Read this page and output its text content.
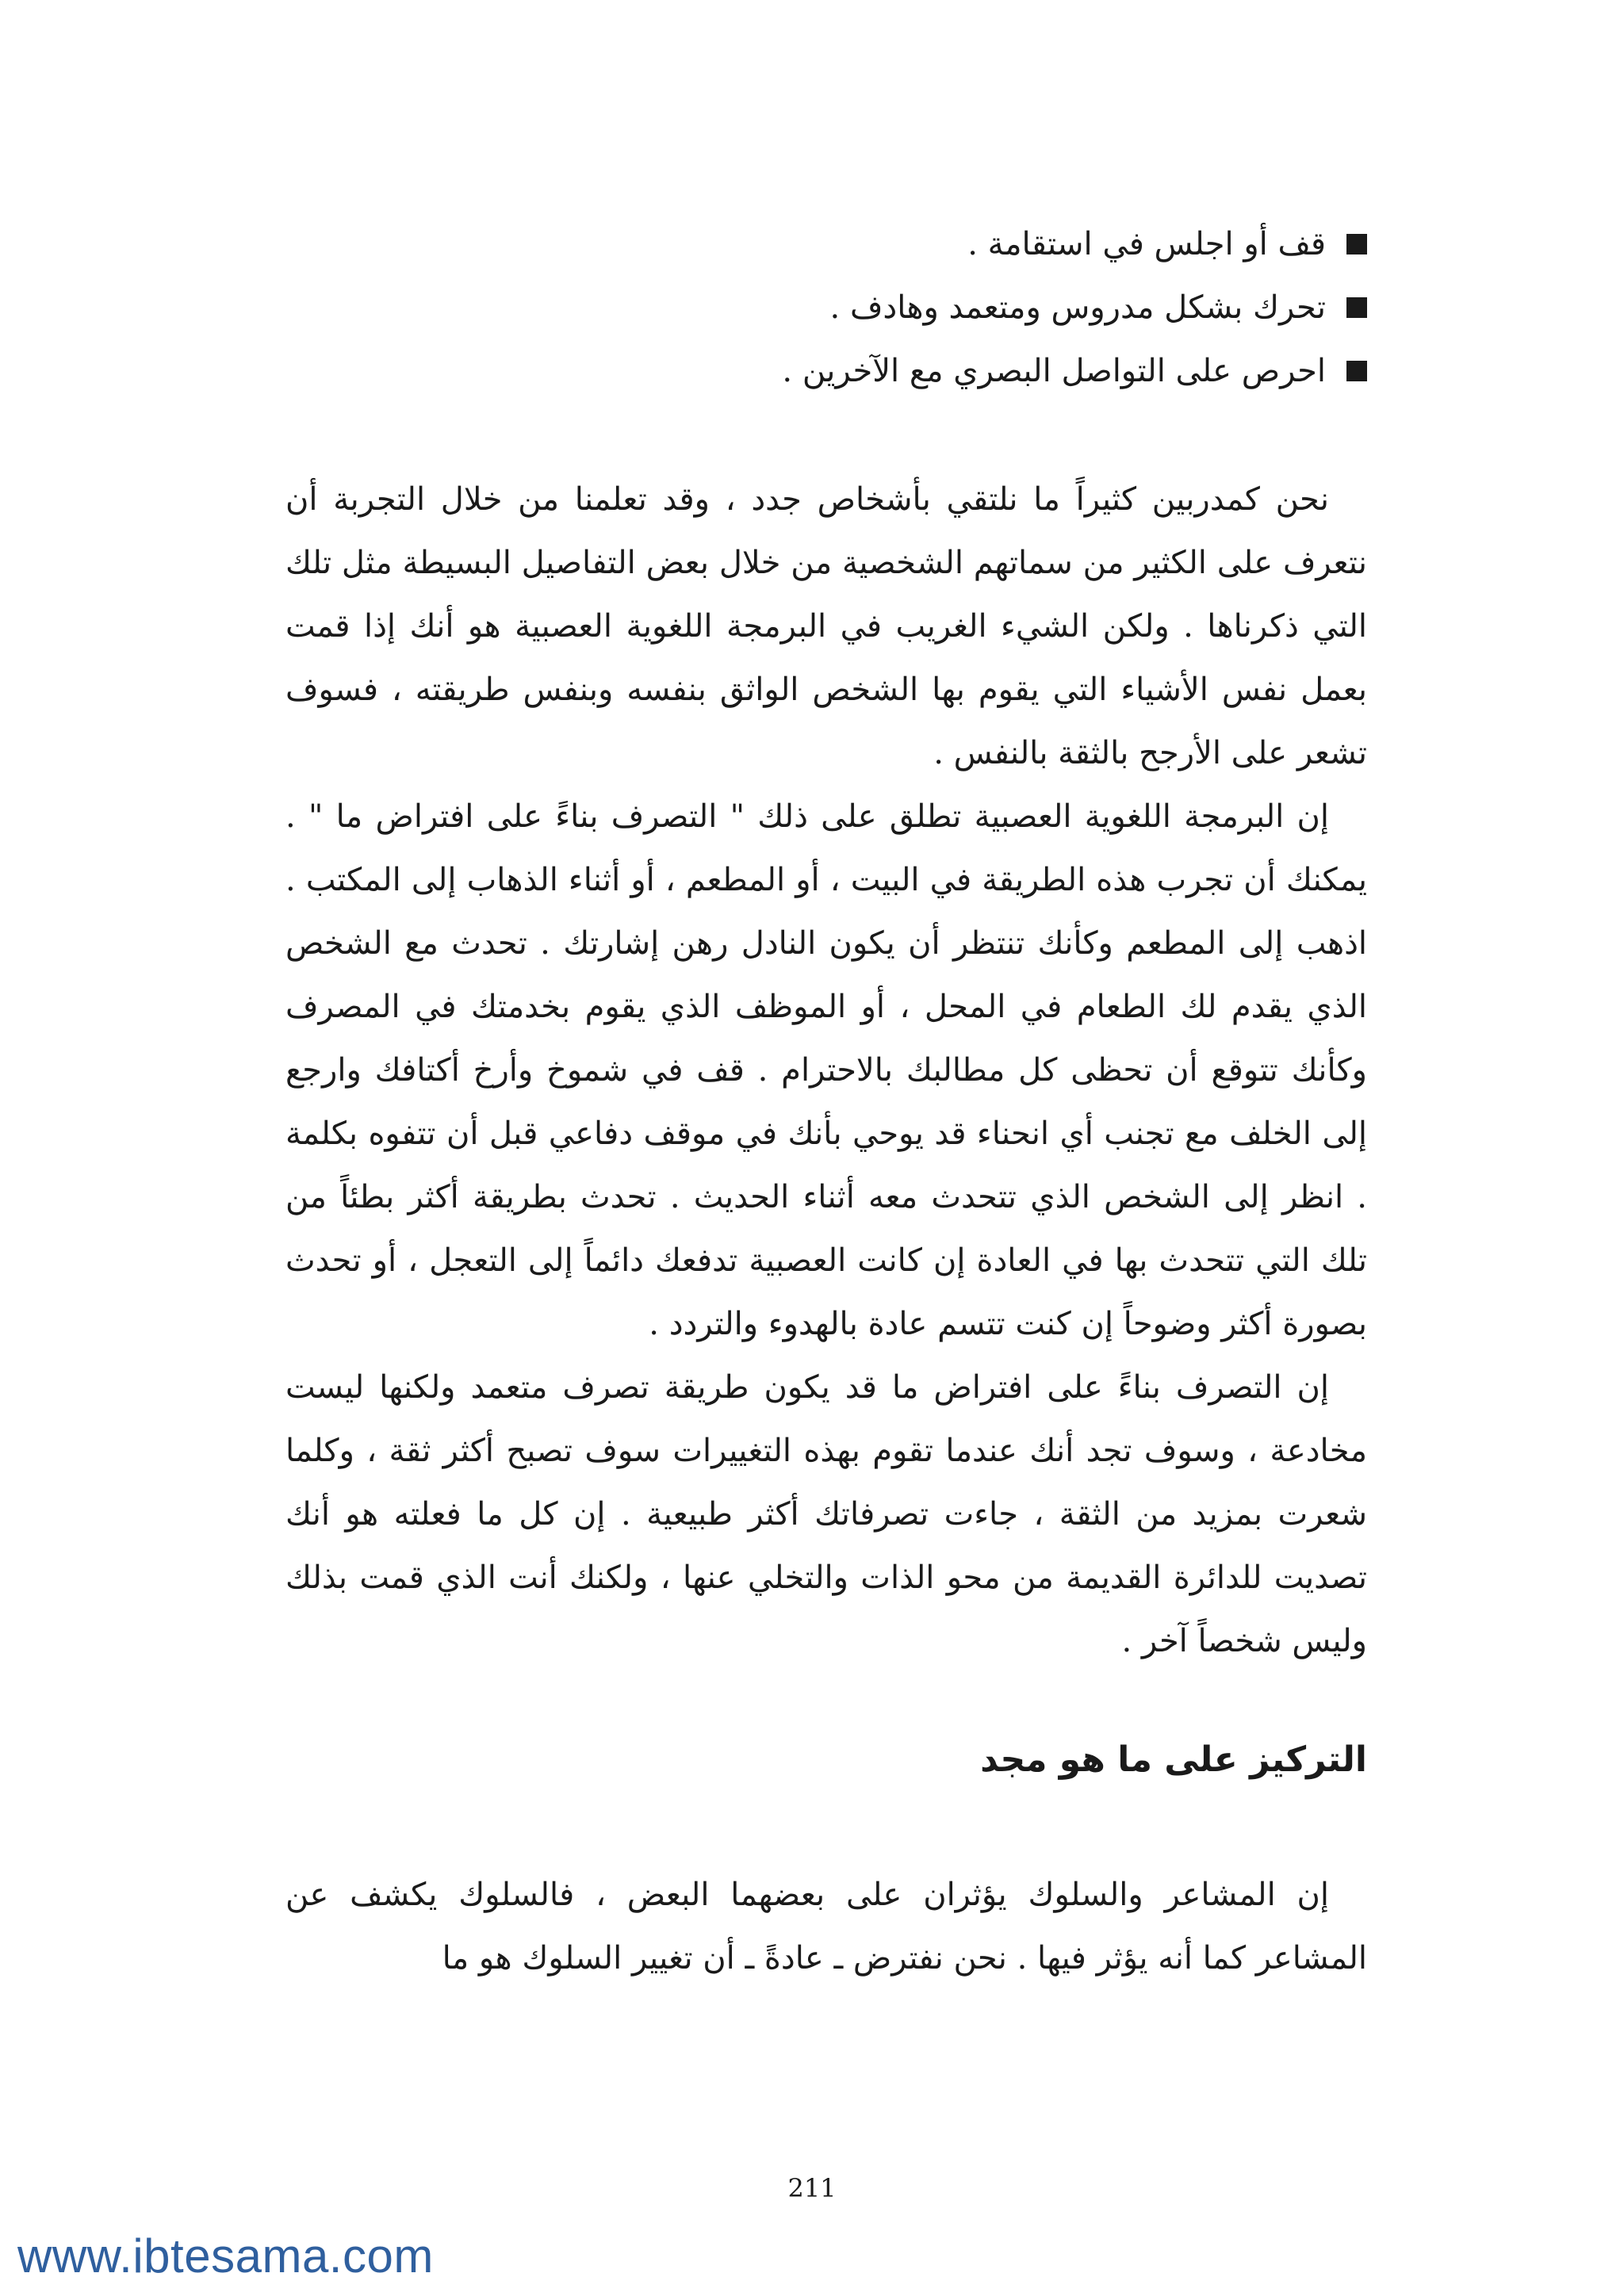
قف أو اجلس في استقامة .
تحرك بشكل مدروس ومتعمد وهادف .
احرص على التواصل البصري مع الآخرين .

نحن كمدربين كثيراً ما نلتقي بأشخاص جدد ، وقد تعلمنا من خلال التجربة أن نتعرف على الكثير من سماتهم الشخصية من خلال بعض التفاصيل البسيطة مثل تلك التي ذكرناها . ولكن الشيء الغريب في البرمجة اللغوية العصبية هو أنك إذا قمت بعمل نفس الأشياء التي يقوم بها الشخص الواثق بنفسه وبنفس طريقته ، فسوف تشعر على الأرجح بالثقة بالنفس .

إن البرمجة اللغوية العصبية تطلق على ذلك " التصرف بناءً على افتراض ما " . يمكنك أن تجرب هذه الطريقة في البيت ، أو المطعم ، أو أثناء الذهاب إلى المكتب . اذهب إلى المطعم وكأنك تنتظر أن يكون النادل رهن إشارتك . تحدث مع الشخص الذي يقدم لك الطعام في المحل ، أو الموظف الذي يقوم بخدمتك في المصرف وكأنك تتوقع أن تحظى كل مطالبك بالاحترام . قف في شموخ وأرخ أكتافك وارجع إلى الخلف مع تجنب أي انحناء قد يوحي بأنك في موقف دفاعي قبل أن تتفوه بكلمة . انظر إلى الشخص الذي تتحدث معه أثناء الحديث . تحدث بطريقة أكثر بطئاً من تلك التي تتحدث بها في العادة إن كانت العصبية تدفعك دائماً إلى التعجل ، أو تحدث بصورة أكثر وضوحاً إن كنت تتسم عادة بالهدوء والتردد .

إن التصرف بناءً على افتراض ما قد يكون طريقة تصرف متعمد ولكنها ليست مخادعة ، وسوف تجد أنك عندما تقوم بهذه التغييرات سوف تصبح أكثر ثقة ، وكلما شعرت بمزيد من الثقة ، جاءت تصرفاتك أكثر طبيعية . إن كل ما فعلته هو أنك تصديت للدائرة القديمة من محو الذات والتخلي عنها ، ولكنك أنت الذي قمت بذلك وليس شخصاً آخر .

التركيز على ما هو مجد

إن المشاعر والسلوك يؤثران على بعضهما البعض ، فالسلوك يكشف عن المشاعر كما أنه يؤثر فيها . نحن نفترض ـ عادةً ـ أن تغيير السلوك هو ما

211
www.ibtesama.com
